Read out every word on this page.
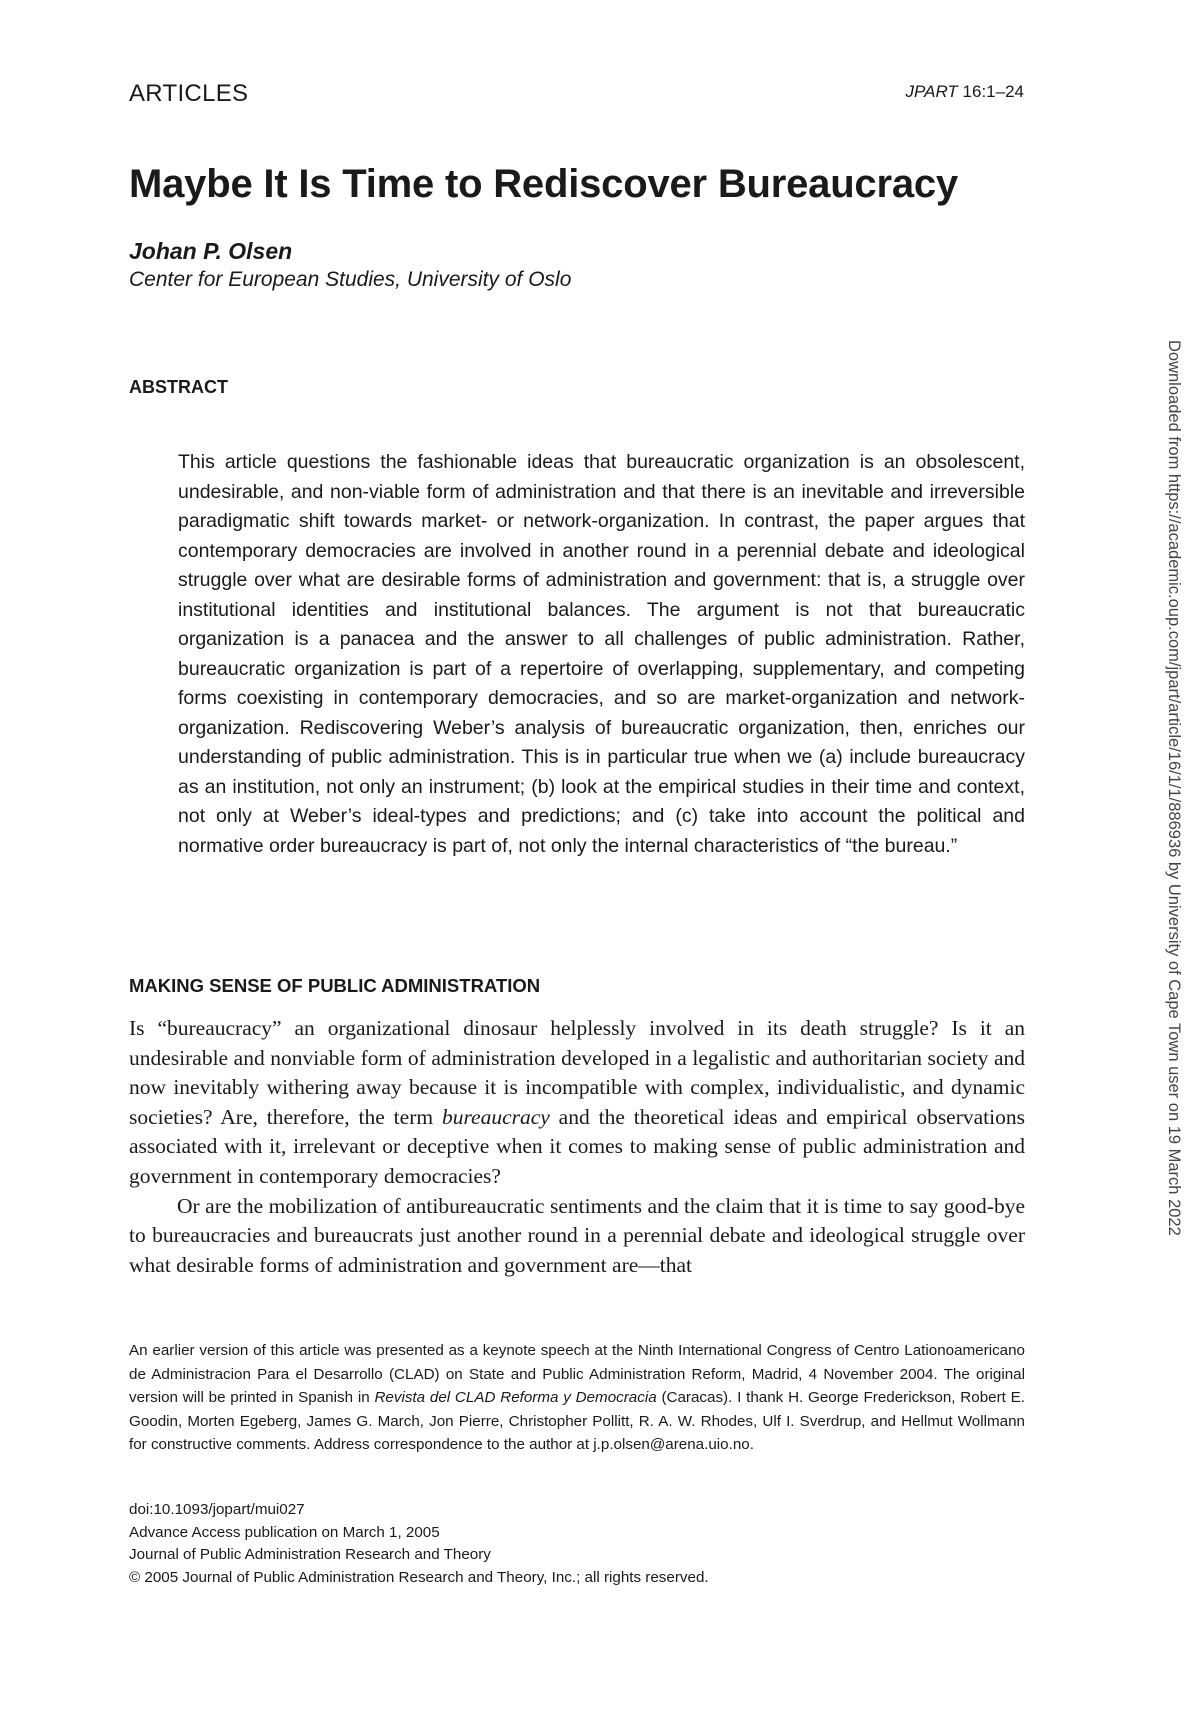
ARTICLES	JPART 16:1–24
Maybe It Is Time to Rediscover Bureaucracy
Johan P. Olsen
Center for European Studies, University of Oslo
ABSTRACT

This article questions the fashionable ideas that bureaucratic organization is an obsolescent, undesirable, and non-viable form of administration and that there is an inevitable and irreversible paradigmatic shift towards market- or network-organization. In contrast, the paper argues that contemporary democracies are involved in another round in a perennial debate and ideological struggle over what are desirable forms of administration and government: that is, a struggle over institutional identities and institutional balances. The argument is not that bureaucratic organization is a panacea and the answer to all challenges of public administration. Rather, bureaucratic organization is part of a repertoire of overlapping, supplementary, and competing forms coexisting in contemporary democracies, and so are market-organization and network-organization. Rediscovering Weber’s analysis of bureaucratic organization, then, enriches our understanding of public administration. This is in particular true when we (a) include bureaucracy as an institution, not only an instrument; (b) look at the empirical studies in their time and context, not only at Weber’s ideal-types and predictions; and (c) take into account the political and normative order bureaucracy is part of, not only the internal characteristics of “the bureau.”

MAKING SENSE OF PUBLIC ADMINISTRATION

Is “bureaucracy” an organizational dinosaur helplessly involved in its death struggle? Is it an undesirable and nonviable form of administration developed in a legalistic and authoritarian society and now inevitably withering away because it is incompatible with complex, individualistic, and dynamic societies? Are, therefore, the term bureaucracy and the theoretical ideas and empirical observations associated with it, irrelevant or deceptive when it comes to making sense of public administration and government in contemporary democracies?

Or are the mobilization of antibureaucratic sentiments and the claim that it is time to say good-bye to bureaucracies and bureaucrats just another round in a perennial debate and ideological struggle over what desirable forms of administration and government are—that

An earlier version of this article was presented as a keynote speech at the Ninth International Congress of Centro Lationoamericano de Administracion Para el Desarrollo (CLAD) on State and Public Administration Reform, Madrid, 4 November 2004. The original version will be printed in Spanish in Revista del CLAD Reforma y Democracia (Caracas). I thank H. George Frederickson, Robert E. Goodin, Morten Egeberg, James G. March, Jon Pierre, Christopher Pollitt, R. A. W. Rhodes, Ulf I. Sverdrup, and Hellmut Wollmann for constructive comments. Address correspondence to the author at j.p.olsen@arena.uio.no.

doi:10.1093/jopart/mui027
Advance Access publication on March 1, 2005
Journal of Public Administration Research and Theory
© 2005 Journal of Public Administration Research and Theory, Inc.; all rights reserved.
Downloaded from https://academic.oup.com/jpart/article/16/1/1/886936 by University of Cape Town user on 19 March 2022
